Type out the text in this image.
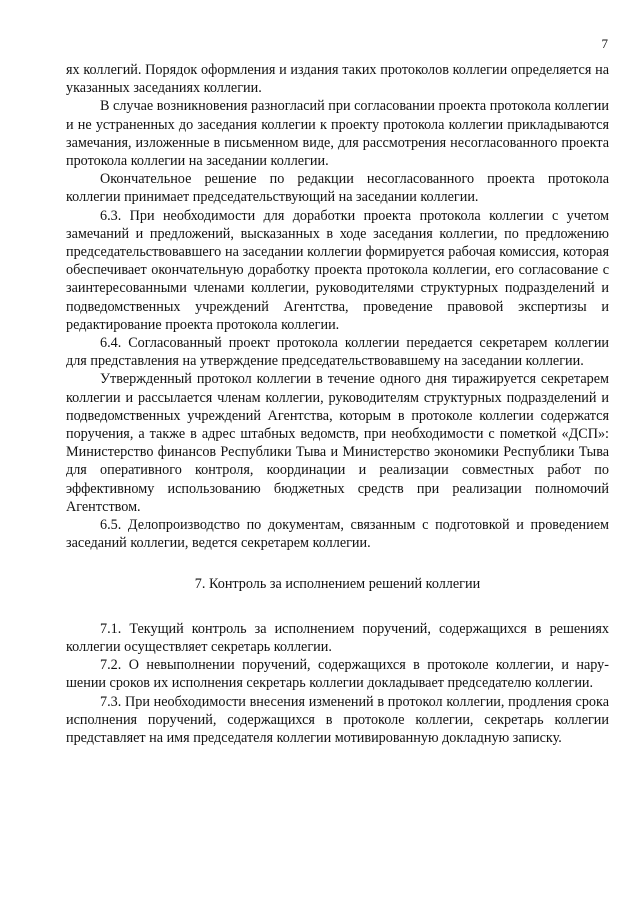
7

ях коллегий. Порядок оформления и издания таких протоколов коллегии определяется на указанных заседаниях коллегии.

В случае возникновения разногласий при согласовании проекта протокола коллегии и не устраненных до заседания коллегии к проекту протокола коллегии прикладываются замечания, изложенные в письменном виде, для рассмотрения несогласованного проекта протокола коллегии на заседании коллегии.

Окончательное решение по редакции несогласованного проекта протокола коллегии принимает председательствующий на заседании коллегии.

6.3. При необходимости для доработки проекта протокола коллегии с учетом замечаний и предложений, высказанных в ходе заседания коллегии, по предложению председательствовавшего на заседании коллегии формируется рабочая комиссия, которая обеспечивает окончательную доработку проекта протокола коллегии, его согласование с заинтересованными членами коллегии, руководителями структурных подразделений и подведомственных учреждений Агентства, проведение правовой экспертизы и редактирование проекта протокола коллегии.

6.4. Согласованный проект протокола коллегии передается секретарем коллегии для представления на утверждение председательствовавшему на заседании коллегии.

Утвержденный протокол коллегии в течение одного дня тиражируется секретарем коллегии и рассылается членам коллегии, руководителям структурных подразделений и подведомственных учреждений Агентства, которым в протоколе коллегии содержатся поручения, а также в адрес штабных ведомств, при необходимости с пометкой «ДСП»: Министерство финансов Республики Тыва и Министерство экономики Республики Тыва для оперативного контроля, координации и реализации совместных работ по эффективному использованию бюджетных средств при реализации полномочий Агентством.

6.5. Делопроизводство по документам, связанным с подготовкой и проведением заседаний коллегии, ведется секретарем коллегии.

7. Контроль за исполнением решений коллегии

7.1. Текущий контроль за исполнением поручений, содержащихся в решениях коллегии осуществляет секретарь коллегии.

7.2. О невыполнении поручений, содержащихся в протоколе коллегии, и нарушении сроков их исполнения секретарь коллегии докладывает председателю коллегии.

7.3. При необходимости внесения изменений в протокол коллегии, продления срока исполнения поручений, содержащихся в протоколе коллегии, секретарь коллегии представляет на имя председателя коллегии мотивированную докладную записку.
